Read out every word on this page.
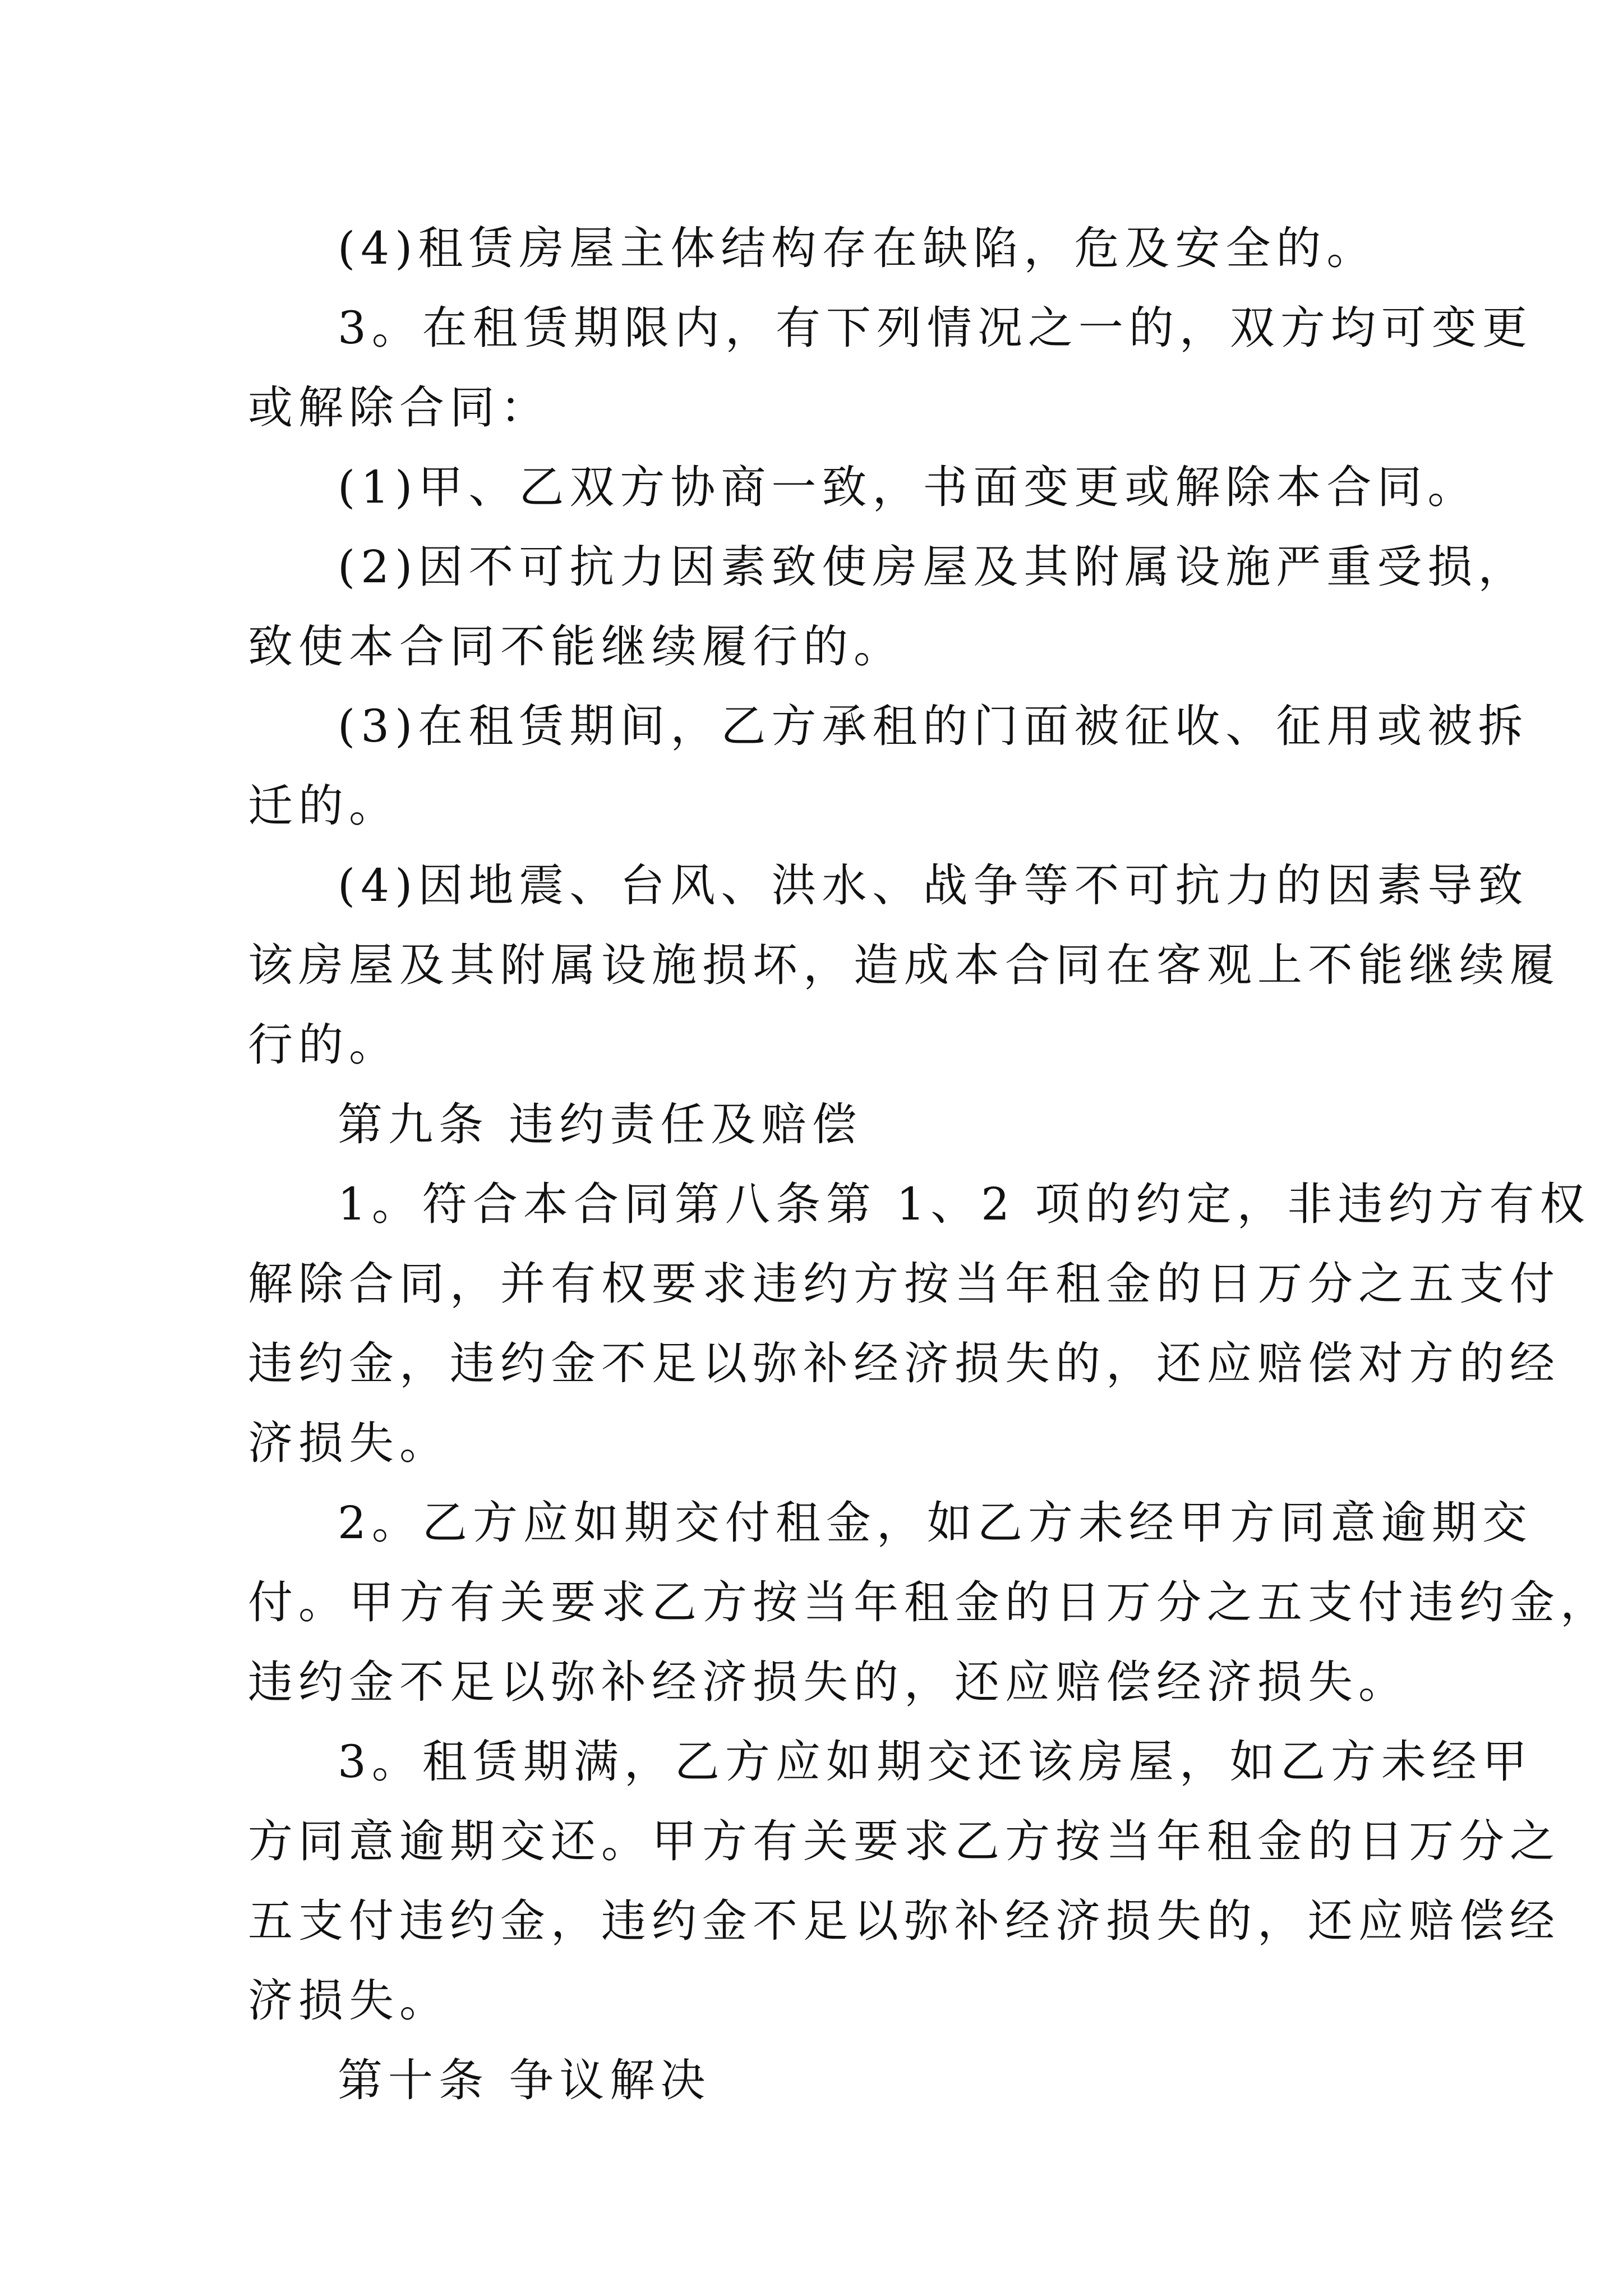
(4)租赁房屋主体结构存在缺陷，危及安全的。
3。在租赁期限内，有下列情况之一的，双方均可变更
或解除合同：
(1)甲、乙双方协商一致，书面变更或解除本合同。
(2)因不可抗力因素致使房屋及其附属设施严重受损，
致使本合同不能继续履行的。
(3)在租赁期间，乙方承租的门面被征收、征用或被拆
迁的。
(4)因地震、台风、洪水、战争等不可抗力的因素导致
该房屋及其附属设施损坏，造成本合同在客观上不能继续履
行的。
第九条 违约责任及赔偿
1。符合本合同第八条第 1、2 项的约定，非违约方有权
解除合同，并有权要求违约方按当年租金的日万分之五支付
违约金，违约金不足以弥补经济损失的，还应赔偿对方的经
济损失。
2。乙方应如期交付租金，如乙方未经甲方同意逾期交
付。甲方有关要求乙方按当年租金的日万分之五支付违约金，
违约金不足以弥补经济损失的，还应赔偿经济损失。
3。租赁期满，乙方应如期交还该房屋，如乙方未经甲
方同意逾期交还。甲方有关要求乙方按当年租金的日万分之
五支付违约金，违约金不足以弥补经济损失的，还应赔偿经
济损失。
第十条 争议解决
